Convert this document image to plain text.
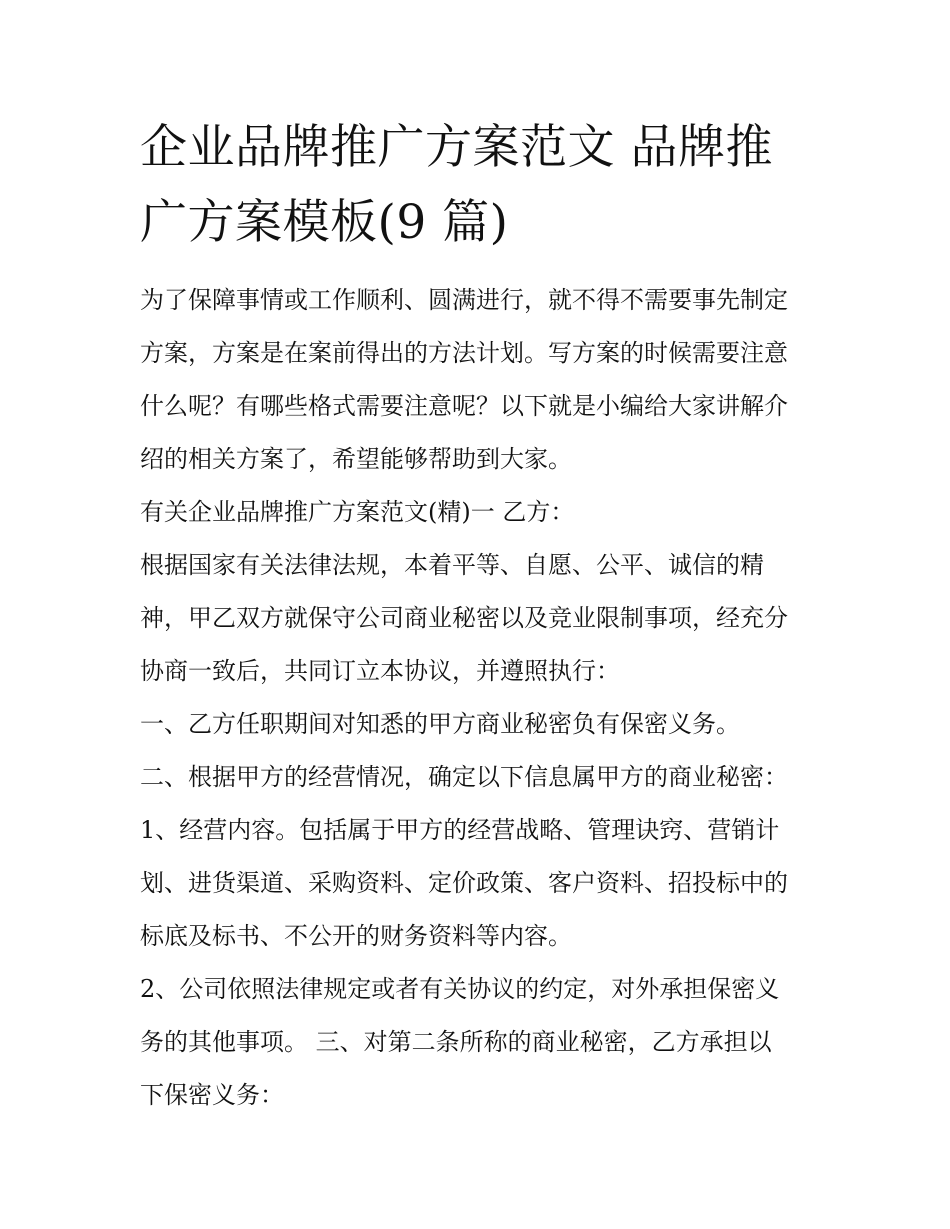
企业品牌推广方案范文 品牌推
广方案模板(9 篇)

为了保障事情或工作顺利、圆满进行，就不得不需要事先制定
方案，方案是在案前得出的方法计划。写方案的时候需要注意
什么呢？有哪些格式需要注意呢？以下就是小编给大家讲解介
绍的相关方案了，希望能够帮助到大家。

有关企业品牌推广方案范文(精)一 乙方：

根据国家有关法律法规，本着平等、自愿、公平、诚信的精
神，甲乙双方就保守公司商业秘密以及竞业限制事项，经充分
协商一致后，共同订立本协议，并遵照执行：

一、乙方任职期间对知悉的甲方商业秘密负有保密义务。

二、根据甲方的经营情况，确定以下信息属甲方的商业秘密：

1、经营内容。包括属于甲方的经营战略、管理诀窍、营销计
划、进货渠道、采购资料、定价政策、客户资料、招投标中的
标底及标书、不公开的财务资料等内容。

2、公司依照法律规定或者有关协议的约定，对外承担保密义
务的其他事项。 三、对第二条所称的商业秘密，乙方承担以
下保密义务：
